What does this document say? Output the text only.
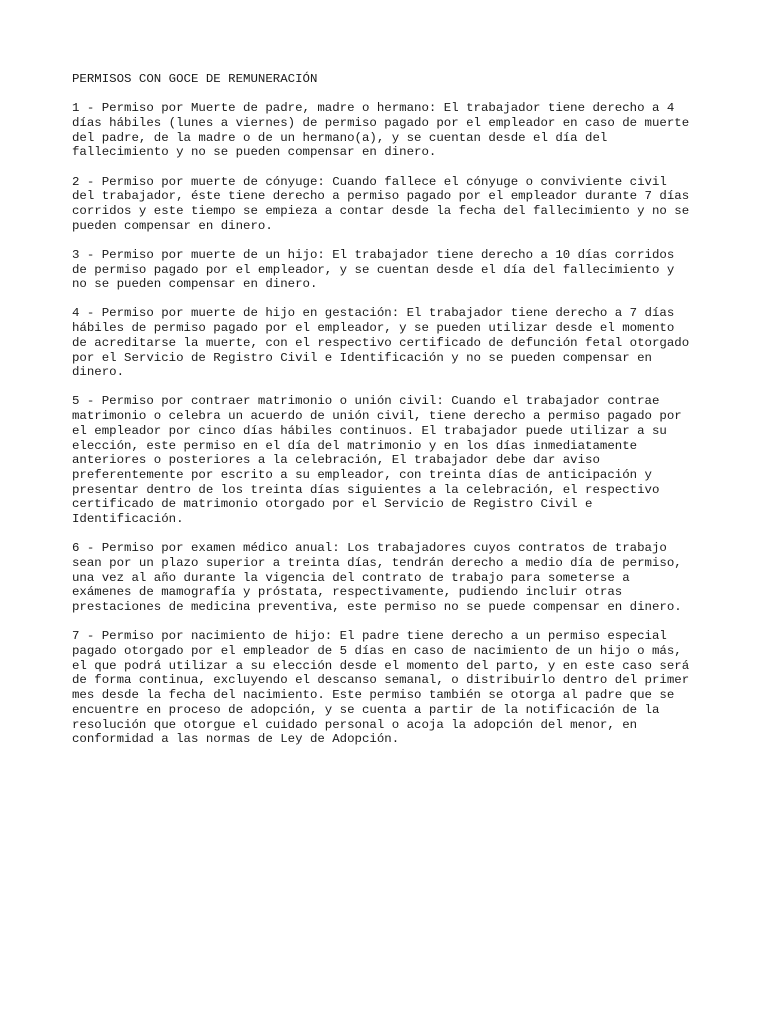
PERMISOS CON GOCE DE REMUNERACIÓN

1 - Permiso por Muerte de padre, madre o hermano: El trabajador tiene derecho a 4
días hábiles (lunes a viernes) de permiso pagado por el empleador en caso de muerte
del padre, de la madre o de un hermano(a), y se cuentan desde el día del
fallecimiento y no se pueden compensar en dinero.

2 - Permiso por muerte de cónyuge: Cuando fallece el cónyuge o conviviente civil
del trabajador, éste tiene derecho a permiso pagado por el empleador durante 7 días
corridos y este tiempo se empieza a contar desde la fecha del fallecimiento y no se
pueden compensar en dinero.

3 - Permiso por muerte de un hijo: El trabajador tiene derecho a 10 días corridos
de permiso pagado por el empleador, y se cuentan desde el día del fallecimiento y
no se pueden compensar en dinero.

4 - Permiso por muerte de hijo en gestación: El trabajador tiene derecho a 7 días
hábiles de permiso pagado por el empleador, y se pueden utilizar desde el momento
de acreditarse la muerte, con el respectivo certificado de defunción fetal otorgado
por el Servicio de Registro Civil e Identificación y no se pueden compensar en
dinero.

5 - Permiso por contraer matrimonio o unión civil: Cuando el trabajador contrae
matrimonio o celebra un acuerdo de unión civil, tiene derecho a permiso pagado por
el empleador por cinco días hábiles continuos. El trabajador puede utilizar a su
elección, este permiso en el día del matrimonio y en los días inmediatamente
anteriores o posteriores a la celebración, El trabajador debe dar aviso
preferentemente por escrito a su empleador, con treinta días de anticipación y
presentar dentro de los treinta días siguientes a la celebración, el respectivo
certificado de matrimonio otorgado por el Servicio de Registro Civil e
Identificación.

6 - Permiso por examen médico anual: Los trabajadores cuyos contratos de trabajo
sean por un plazo superior a treinta días, tendrán derecho a medio día de permiso,
una vez al año durante la vigencia del contrato de trabajo para someterse a
exámenes de mamografía y próstata, respectivamente, pudiendo incluir otras
prestaciones de medicina preventiva, este permiso no se puede compensar en dinero.

7 - Permiso por nacimiento de hijo: El padre tiene derecho a un permiso especial
pagado otorgado por el empleador de 5 días en caso de nacimiento de un hijo o más,
el que podrá utilizar a su elección desde el momento del parto, y en este caso será
de forma continua, excluyendo el descanso semanal, o distribuirlo dentro del primer
mes desde la fecha del nacimiento. Este permiso también se otorga al padre que se
encuentre en proceso de adopción, y se cuenta a partir de la notificación de la
resolución que otorgue el cuidado personal o acoja la adopción del menor, en
conformidad a las normas de Ley de Adopción.
